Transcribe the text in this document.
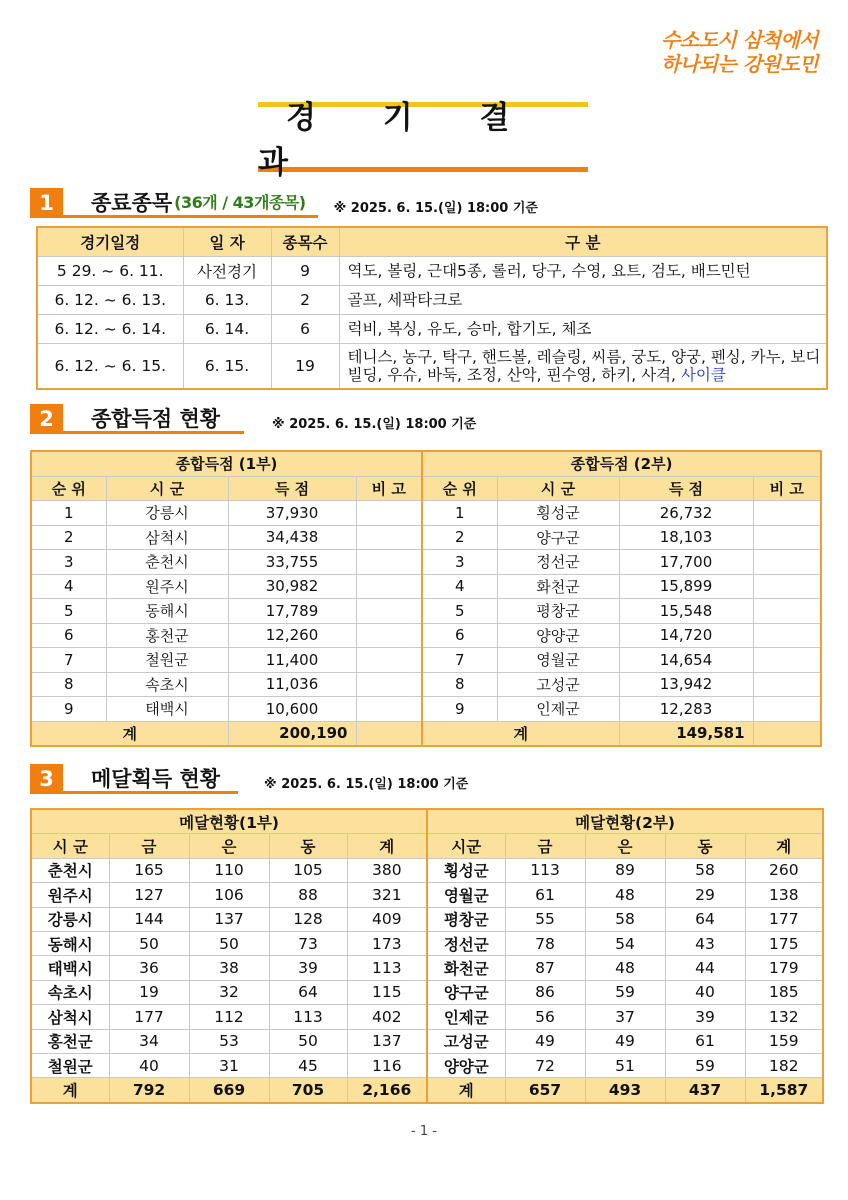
수소도시 삼척에서
하나되는 강원도민
경 기 결 과
1	종료종목 (36개 / 43개종목) ※ 2025. 6. 15.(일) 18:00 기준
경기일정	일 자	종목수	구 분
5 29. ~ 6. 11.	사전경기	9	역도, 볼링, 근대5종, 롤러, 당구, 수영, 요트, 검도, 배드민턴
6. 12. ~ 6. 13.	6. 13.	2	골프, 세팍타크로
6. 12. ~ 6. 14.	6. 14.	6	럭비, 복싱, 유도, 승마, 합기도, 체조
6. 12. ~ 6. 15.	6. 15.	19	테니스, 농구, 탁구, 핸드볼, 레슬링, 씨름, 궁도, 양궁, 펜싱, 카누, 보디빌딩, 우슈, 바둑, 조정, 산악, 핀수영, 하키, 사격, 사이클
2	종합득점 현황	※ 2025. 6. 15.(일) 18:00 기준
종합득점 (1부)				종합득점 (2부)			
순 위	시 군	득 점	비 고	순 위	시 군	득 점	비 고
1	강릉시	37,930		1	횡성군	26,732	
2	삼척시	34,438		2	양구군	18,103	
3	춘천시	33,755		3	정선군	17,700	
4	원주시	30,982		4	화천군	15,899	
5	동해시	17,789		5	평창군	15,548	
6	홍천군	12,260		6	양양군	14,720	
7	철원군	11,400		7	영월군	14,654	
8	속초시	11,036		8	고성군	13,942	
9	태백시	10,600		9	인제군	12,283	
계		200,190		계		149,581	
3	메달획득 현황	※ 2025. 6. 15.(일) 18:00 기준
메달현황(1부)					메달현황(2부)				
시 군	금	은	동	계	시군	금	은	동	계
춘천시	165	110	105	380	횡성군	113	89	58	260
원주시	127	106	88	321	영월군	61	48	29	138
강릉시	144	137	128	409	평창군	55	58	64	177
동해시	50	50	73	173	정선군	78	54	43	175
태백시	36	38	39	113	화천군	87	48	44	179
속초시	19	32	64	115	양구군	86	59	40	185
삼척시	177	112	113	402	인제군	56	37	39	132
홍천군	34	53	50	137	고성군	49	49	61	159
철원군	40	31	45	116	양양군	72	51	59	182
계	792	669	705	2,166	계	657	493	437	1,587
- 1 -
